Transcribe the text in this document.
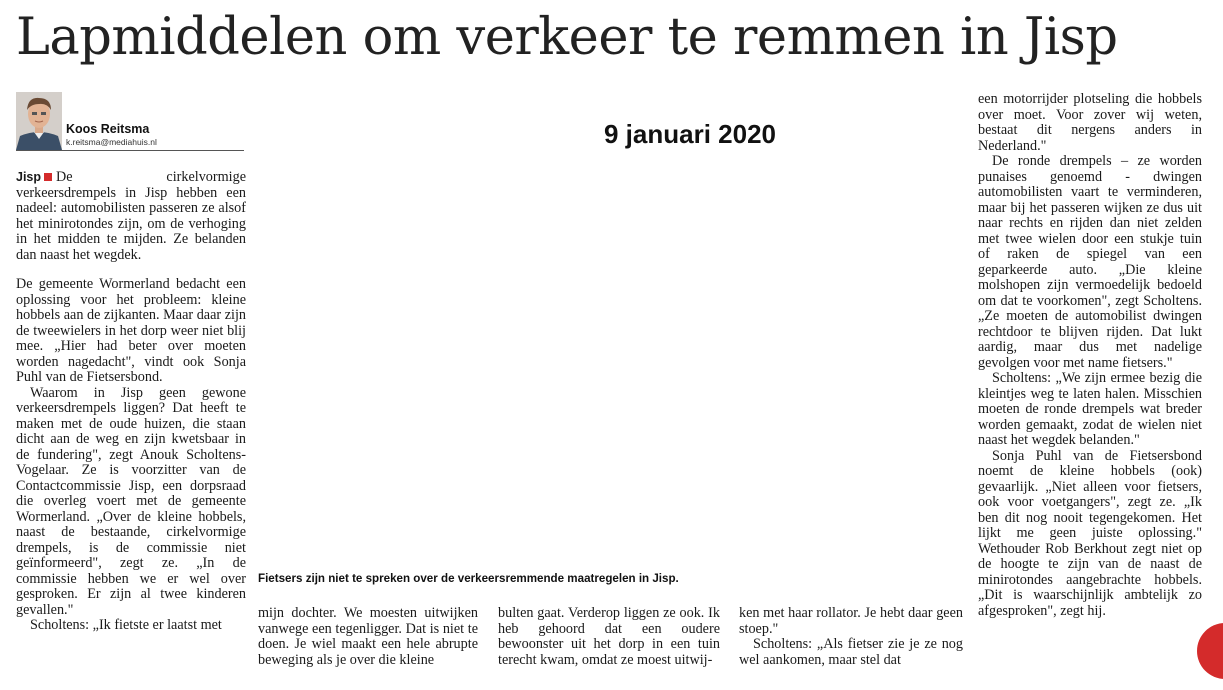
Lapmiddelen om verkeer te remmen in Jisp
Koos Reitsma
k.reitsma@mediahuis.nl	9 januari 2020

Jisp De cirkelvormige verkeersdrempels in Jisp hebben een nadeel: automobilisten passeren ze alsof het minirotondes zijn, om de verhoging in het midden te mijden. Ze belanden dan naast het wegdek.

De gemeente Wormerland bedacht een oplossing voor het probleem: kleine hobbels aan de zijkanten. Maar daar zijn de tweewielers in het dorp weer niet blij mee. „Hier had beter over moeten worden nagedacht", vindt ook Sonja Puhl van de Fietsersbond.

Waarom in Jisp geen gewone verkeersdrempels liggen? Dat heeft te maken met de oude huizen, die staan dicht aan de weg en zijn kwetsbaar in de fundering", zegt Anouk Scholtens-Vogelaar. Ze is voorzitter van de Contactcommissie Jisp, een dorpsraad die overleg voert met de gemeente Wormerland. „Over de kleine hobbels, naast de bestaande, cirkelvormige drempels, is de commissie niet geïnformeerd", zegt ze. „In de commissie hebben we er wel over gesproken. Er zijn al twee kinderen gevallen."

Scholtens: „Ik fietste er laatst met

Fietsers zijn niet te spreken over de verkeersremmende maatregelen in Jisp.

mijn dochter. We moesten uitwijken vanwege een tegenligger. Dat is niet te doen. Je wiel maakt een hele abrupte beweging als je over die kleine

bulten gaat. Verderop liggen ze ook. Ik heb gehoord dat een oudere bewoonster uit het dorp in een tuin terecht kwam, omdat ze moest uitwij-

ken met haar rollator. Je hebt daar geen stoep."

Scholtens: „Als fietser zie je ze nog wel aankomen, maar stel dat

een motorrijder plotseling die hobbels over moet. Voor zover wij weten, bestaat dit nergens anders in Nederland."

De ronde drempels – ze worden punaises genoemd - dwingen automobilisten vaart te verminderen, maar bij het passeren wijken ze dus uit naar rechts en rijden dan niet zelden met twee wielen door een stukje tuin of raken de spiegel van een geparkeerde auto. „Die kleine molshopen zijn vermoedelijk bedoeld om dat te voorkomen", zegt Scholtens. „Ze moeten de automobilist dwingen rechtdoor te blijven rijden. Dat lukt aardig, maar dus met nadelige gevolgen voor met name fietsers."

Scholtens: „We zijn ermee bezig die kleintjes weg te laten halen. Misschien moeten de ronde drempels wat breder worden gemaakt, zodat de wielen niet naast het wegdek belanden."

Sonja Puhl van de Fietsersbond noemt de kleine hobbels (ook) gevaarlijk. „Niet alleen voor fietsers, ook voor voetgangers", zegt ze. „Ik ben dit nog nooit tegengekomen. Het lijkt me geen juiste oplossing." Wethouder Rob Berkhout zegt niet op de hoogte te zijn van de naast de minirotondes aangebrachte hobbels. „Dit is waarschijnlijk ambtelijk zo afgesproken", zegt hij.
